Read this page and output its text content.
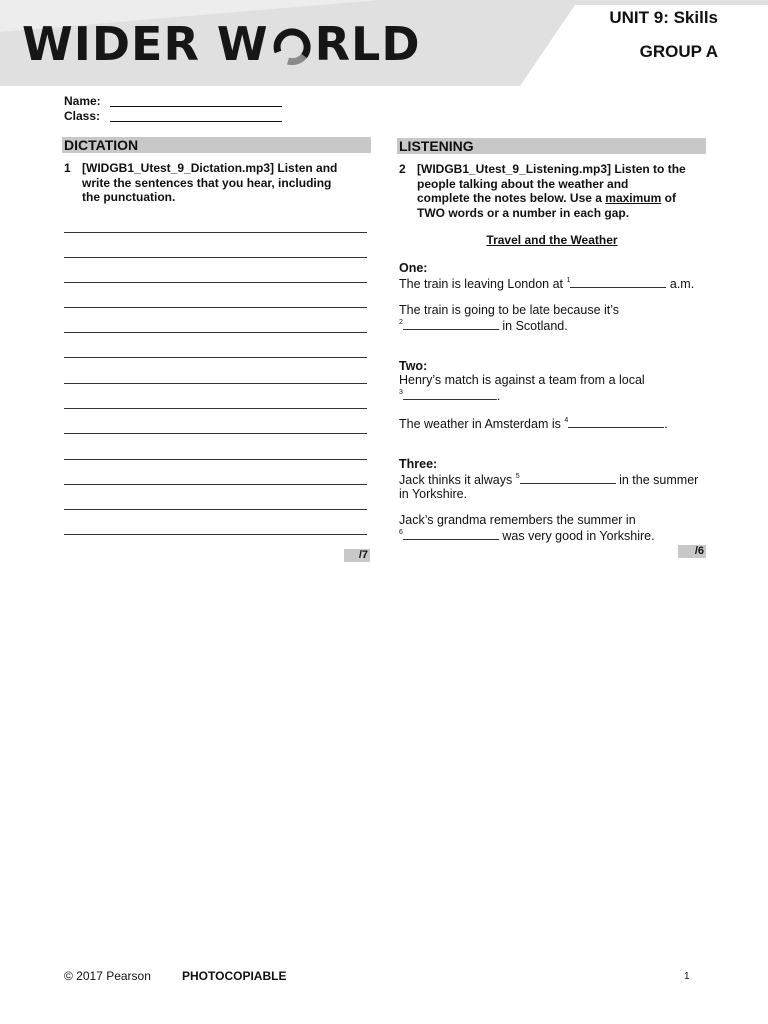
WIDER W RLD	UNIT 9: Skills
GROUP A
Name:
Class:
DICTATION
1 [WIDGB1_Utest_9_Dictation.mp3] Listen and
write the sentences that you hear, including
the punctuation.
/7
LISTENING
2 [WIDGB1_Utest_9_Listening.mp3] Listen to the
people talking about the weather and
complete the notes below. Use a maximum of
TWO words or a number in each gap.
Travel and the Weather
One:
The train is leaving London at $^1$	a.m.
The train is going to be late because it’s
$^2$	in Scotland.
Two:
Henry’s match is against a team from a local
$^3$	.
The weather in Amsterdam is $^4$	.
Three:
Jack thinks it always $^5$	in the summer
in Yorkshire.
Jack’s grandma remembers the summer in
$^6$	was very good in Yorkshire.
/6
© 2017 Pearson	PHOTOCOPIABLE	1
